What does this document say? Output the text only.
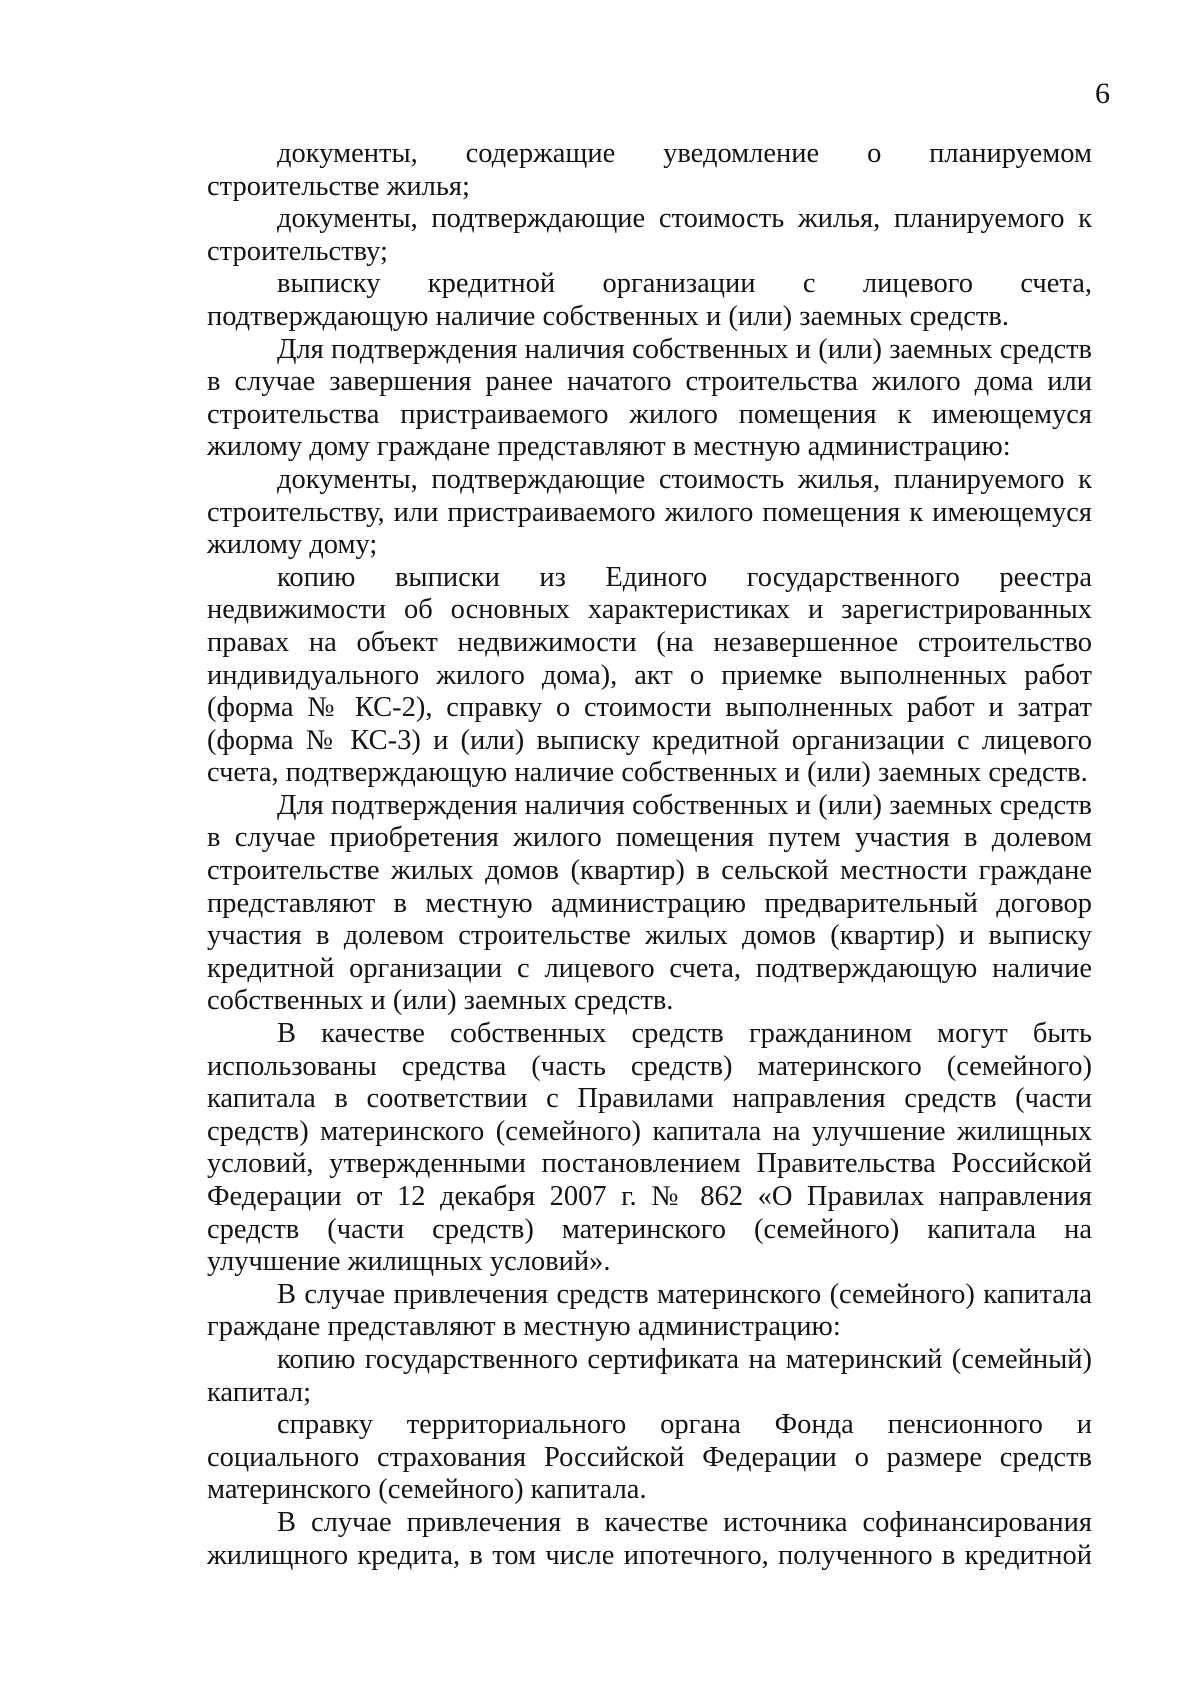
6

документы, содержащие уведомление о планируемом строительстве жилья;

документы, подтверждающие стоимость жилья, планируемого к строительству;

выписку кредитной организации с лицевого счета, подтверждающую наличие собственных и (или) заемных средств.

Для подтверждения наличия собственных и (или) заемных средств в случае завершения ранее начатого строительства жилого дома или строительства пристраиваемого жилого помещения к имеющемуся жилому дому граждане представляют в местную администрацию:

документы, подтверждающие стоимость жилья, планируемого к строительству, или пристраиваемого жилого помещения к имеющемуся жилому дому;

копию выписки из Единого государственного реестра недвижимости об основных характеристиках и зарегистрированных правах на объект недвижимости (на незавершенное строительство индивидуального жилого дома), акт о приемке выполненных работ (форма № КС-2), справку о стоимости выполненных работ и затрат (форма № КС-3) и (или) выписку кредитной организации с лицевого счета, подтверждающую наличие собственных и (или) заемных средств.

Для подтверждения наличия собственных и (или) заемных средств в случае приобретения жилого помещения путем участия в долевом строительстве жилых домов (квартир) в сельской местности граждане представляют в местную администрацию предварительный договор участия в долевом строительстве жилых домов (квартир) и выписку кредитной организации с лицевого счета, подтверждающую наличие собственных и (или) заемных средств.

В качестве собственных средств гражданином могут быть использованы средства (часть средств) материнского (семейного) капитала в соответствии с Правилами направления средств (части средств) материнского (семейного) капитала на улучшение жилищных условий, утвержденными постановлением Правительства Российской Федерации от 12 декабря 2007 г. № 862 «О Правилах направления средств (части средств) материнского (семейного) капитала на улучшение жилищных условий».

В случае привлечения средств материнского (семейного) капитала граждане представляют в местную администрацию:

копию государственного сертификата на материнский (семейный) капитал;

справку территориального органа Фонда пенсионного и социального страхования Российской Федерации о размере средств материнского (семейного) капитала.

В случае привлечения в качестве источника софинансирования жилищного кредита, в том числе ипотечного, полученного в кредитной
